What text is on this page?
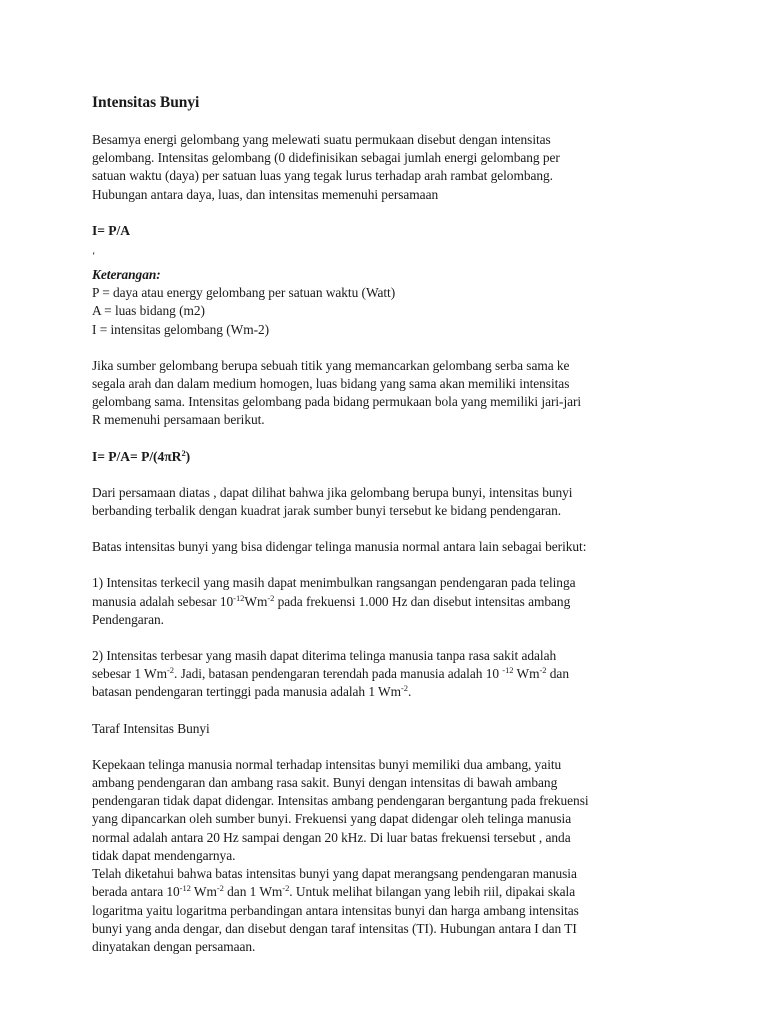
Intensitas Bunyi
Besamya energi gelombang yang melewati suatu permukaan disebut dengan intensitas
gelombang. Intensitas gelombang (0 didefinisikan sebagai jumlah energi gelombang per
satuan waktu (daya) per satuan luas yang tegak lurus terhadap arah rambat gelombang.
Hubungan antara daya, luas, dan intensitas memenuhi persamaan
I= P/A
‘
Keterangan:
P = daya atau energy gelombang per satuan waktu (Watt)
A = luas bidang (m2)
I = intensitas gelombang (Wm-2)
Jika sumber gelombang berupa sebuah titik yang memancarkan gelombang serba sama ke
segala arah dan dalam medium homogen, luas bidang yang sama akan memiliki intensitas
gelombang sama. Intensitas gelombang pada bidang permukaan bola yang memiliki jari-jari
R memenuhi persamaan berikut.
$I= P/A= P/(4\pi R^2)$
Dari persamaan diatas , dapat dilihat bahwa jika gelombang berupa bunyi, intensitas bunyi
berbanding terbalik dengan kuadrat jarak sumber bunyi tersebut ke bidang pendengaran.
Batas intensitas bunyi yang bisa didengar telinga manusia normal antara lain sebagai berikut:
1) Intensitas terkecil yang masih dapat menimbulkan rangsangan pendengaran pada telinga
manusia adalah sebesar $10^{-12}Wm^{-2}$ pada frekuensi 1.000 Hz dan disebut intensitas ambang
Pendengaran.
2) Intensitas terbesar yang masih dapat diterima telinga manusia tanpa rasa sakit adalah
sebesar 1 $Wm^{-2}$. Jadi, batasan pendengaran terendah pada manusia adalah 10 $^{-12}$ $Wm^{-2}$ dan
batasan pendengaran tertinggi pada manusia adalah 1 $Wm^{-2}$.
Taraf Intensitas Bunyi
Kepekaan telinga manusia normal terhadap intensitas bunyi memiliki dua ambang, yaitu
ambang pendengaran dan ambang rasa sakit. Bunyi dengan intensitas di bawah ambang
pendengaran tidak dapat didengar. Intensitas ambang pendengaran bergantung pada frekuensi
yang dipancarkan oleh sumber bunyi. Frekuensi yang dapat didengar oleh telinga manusia
normal adalah antara 20 Hz sampai dengan 20 kHz. Di luar batas frekuensi tersebut , anda
tidak dapat mendengarnya.
Telah diketahui bahwa batas intensitas bunyi yang dapat merangsang pendengaran manusia
berada antara $10^{-12}$ $Wm^{-2}$ dan 1 $Wm^{-2}$. Untuk melihat bilangan yang lebih riil, dipakai skala
logaritma yaitu logaritma perbandingan antara intensitas bunyi dan harga ambang intensitas
bunyi yang anda dengar, dan disebut dengan taraf intensitas (TI). Hubungan antara I dan TI
dinyatakan dengan persamaan.
